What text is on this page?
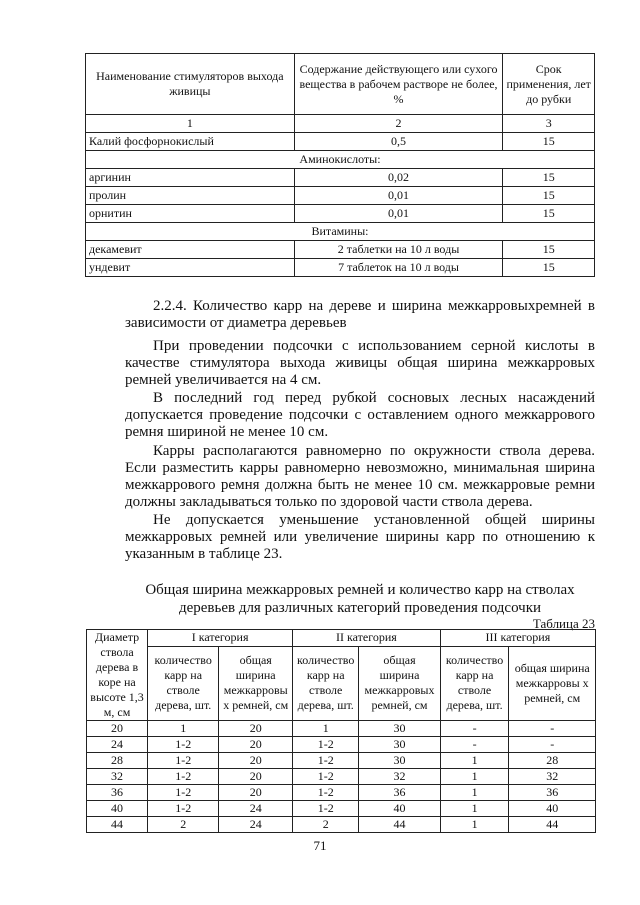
Наименование стимуляторов выхода живицы	Содержание действующего или сухого вещества в рабочем растворе не более, %	Срок применения, лет до рубки
1	2	3
Калий фосфорнокислый	0,5	15
Аминокислоты:		
аргинин	0,02	15
пролин	0,01	15
орнитин	0,01	15
Витамины:		
декамевит	2 таблетки на 10 л воды	15
ундевит	7 таблеток на 10 л воды	15
2.2.4. Количество карр на дереве и ширина межкарровыхремней в зависимости от диаметра деревьев
При проведении подсочки с использованием серной кислоты в качестве стимулятора выхода живицы общая ширина межкарровых ремней увеличивается на 4 см.
В последний год перед рубкой сосновых лесных насаждений допускается проведение подсочки с оставлением одного межкаррового ремня шириной не менее 10 см.
Карры располагаются равномерно по окружности ствола дерева. Если разместить карры равномерно невозможно, минимальная ширина межкаррового ремня должна быть не менее 10 см. межкарровые ремни должны закладываться только по здоровой части ствола дерева.
Не допускается уменьшение установленной общей ширины межкарровых ремней или увеличение ширины карр по отношению к указанным в таблице 23.
Общая ширина межкарровых ремней и количество карр на стволах
деревьев для различных категорий проведения подсочки
Таблица 23
Диаметр ствола дерева в коре на высоте 1,3 м, см	I категория		II категория		III категория	
	количество карр на стволе дерева, шт.	общая ширина межкарровы х ремней, см	количество карр на стволе дерева, шт.	общая ширина межкарровых ремней, см	количество карр на стволе дерева, шт.	общая ширина межкарровы х ремней, см
20	1	20	1	30	-	-
24	1-2	20	1-2	30	-	-
28	1-2	20	1-2	30	1	28
32	1-2	20	1-2	32	1	32
36	1-2	20	1-2	36	1	36
40	1-2	24	1-2	40	1	40
44	2	24	2	44	1	44
71
